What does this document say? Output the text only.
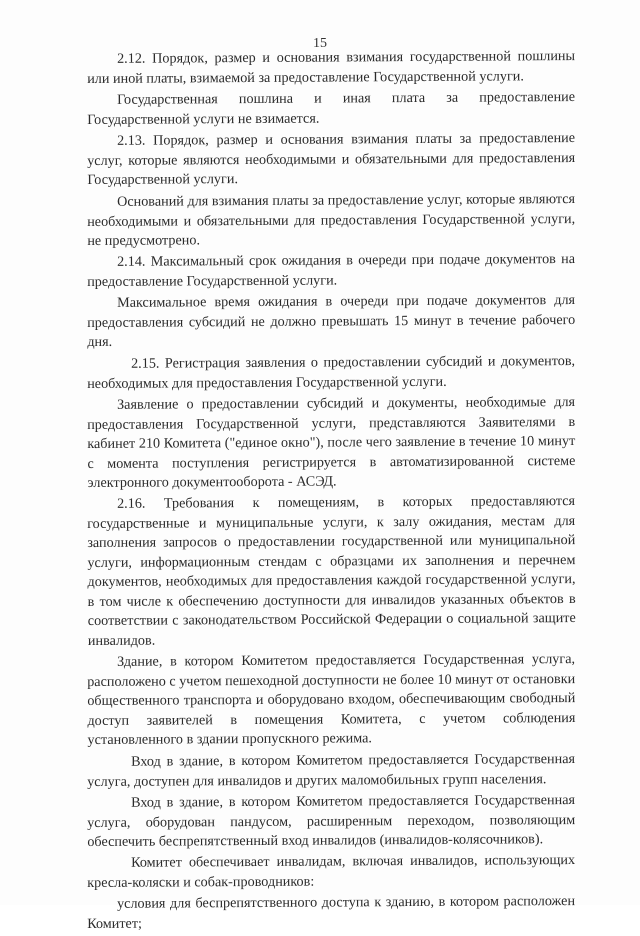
15

2.12. Порядок, размер и основания взимания государственной пошлины или иной платы, взимаемой за предоставление Государственной услуги.

Государственная пошлина и иная плата за предоставление Государственной услуги не взимается.

2.13. Порядок, размер и основания взимания платы за предоставление услуг, которые являются необходимыми и обязательными для предоставления Государственной услуги.

Оснований для взимания платы за предоставление услуг, которые являются необходимыми и обязательными для предоставления Государственной услуги, не предусмотрено.

2.14. Максимальный срок ожидания в очереди при подаче документов на предоставление Государственной услуги.

Максимальное время ожидания в очереди при подаче документов для предоставления субсидий не должно превышать 15 минут в течение рабочего дня.

2.15. Регистрация заявления о предоставлении субсидий и документов, необходимых для предоставления Государственной услуги.

Заявление о предоставлении субсидий и документы, необходимые для предоставления Государственной услуги, представляются Заявителями в кабинет 210 Комитета ("единое окно"), после чего заявление в течение 10 минут с момента поступления регистрируется в автоматизированной системе электронного документооборота - АСЭД.

2.16. Требования к помещениям, в которых предоставляются государственные и муниципальные услуги, к залу ожидания, местам для заполнения запросов о предоставлении государственной или муниципальной услуги, информационным стендам с образцами их заполнения и перечнем документов, необходимых для предоставления каждой государственной услуги, в том числе к обеспечению доступности для инвалидов указанных объектов в соответствии с законодательством Российской Федерации о социальной защите инвалидов.

Здание, в котором Комитетом предоставляется Государственная услуга, расположено с учетом пешеходной доступности не более 10 минут от остановки общественного транспорта и оборудовано входом, обеспечивающим свободный доступ заявителей в помещения Комитета, с учетом соблюдения установленного в здании пропускного режима.

Вход в здание, в котором Комитетом предоставляется Государственная услуга, доступен для инвалидов и других маломобильных групп населения.

Вход в здание, в котором Комитетом предоставляется Государственная услуга, оборудован пандусом, расширенным переходом, позволяющим обеспечить беспрепятственный вход инвалидов (инвалидов-колясочников).

Комитет обеспечивает инвалидам, включая инвалидов, использующих кресла-коляски и собак-проводников:

условия для беспрепятственного доступа к зданию, в котором расположен Комитет;
